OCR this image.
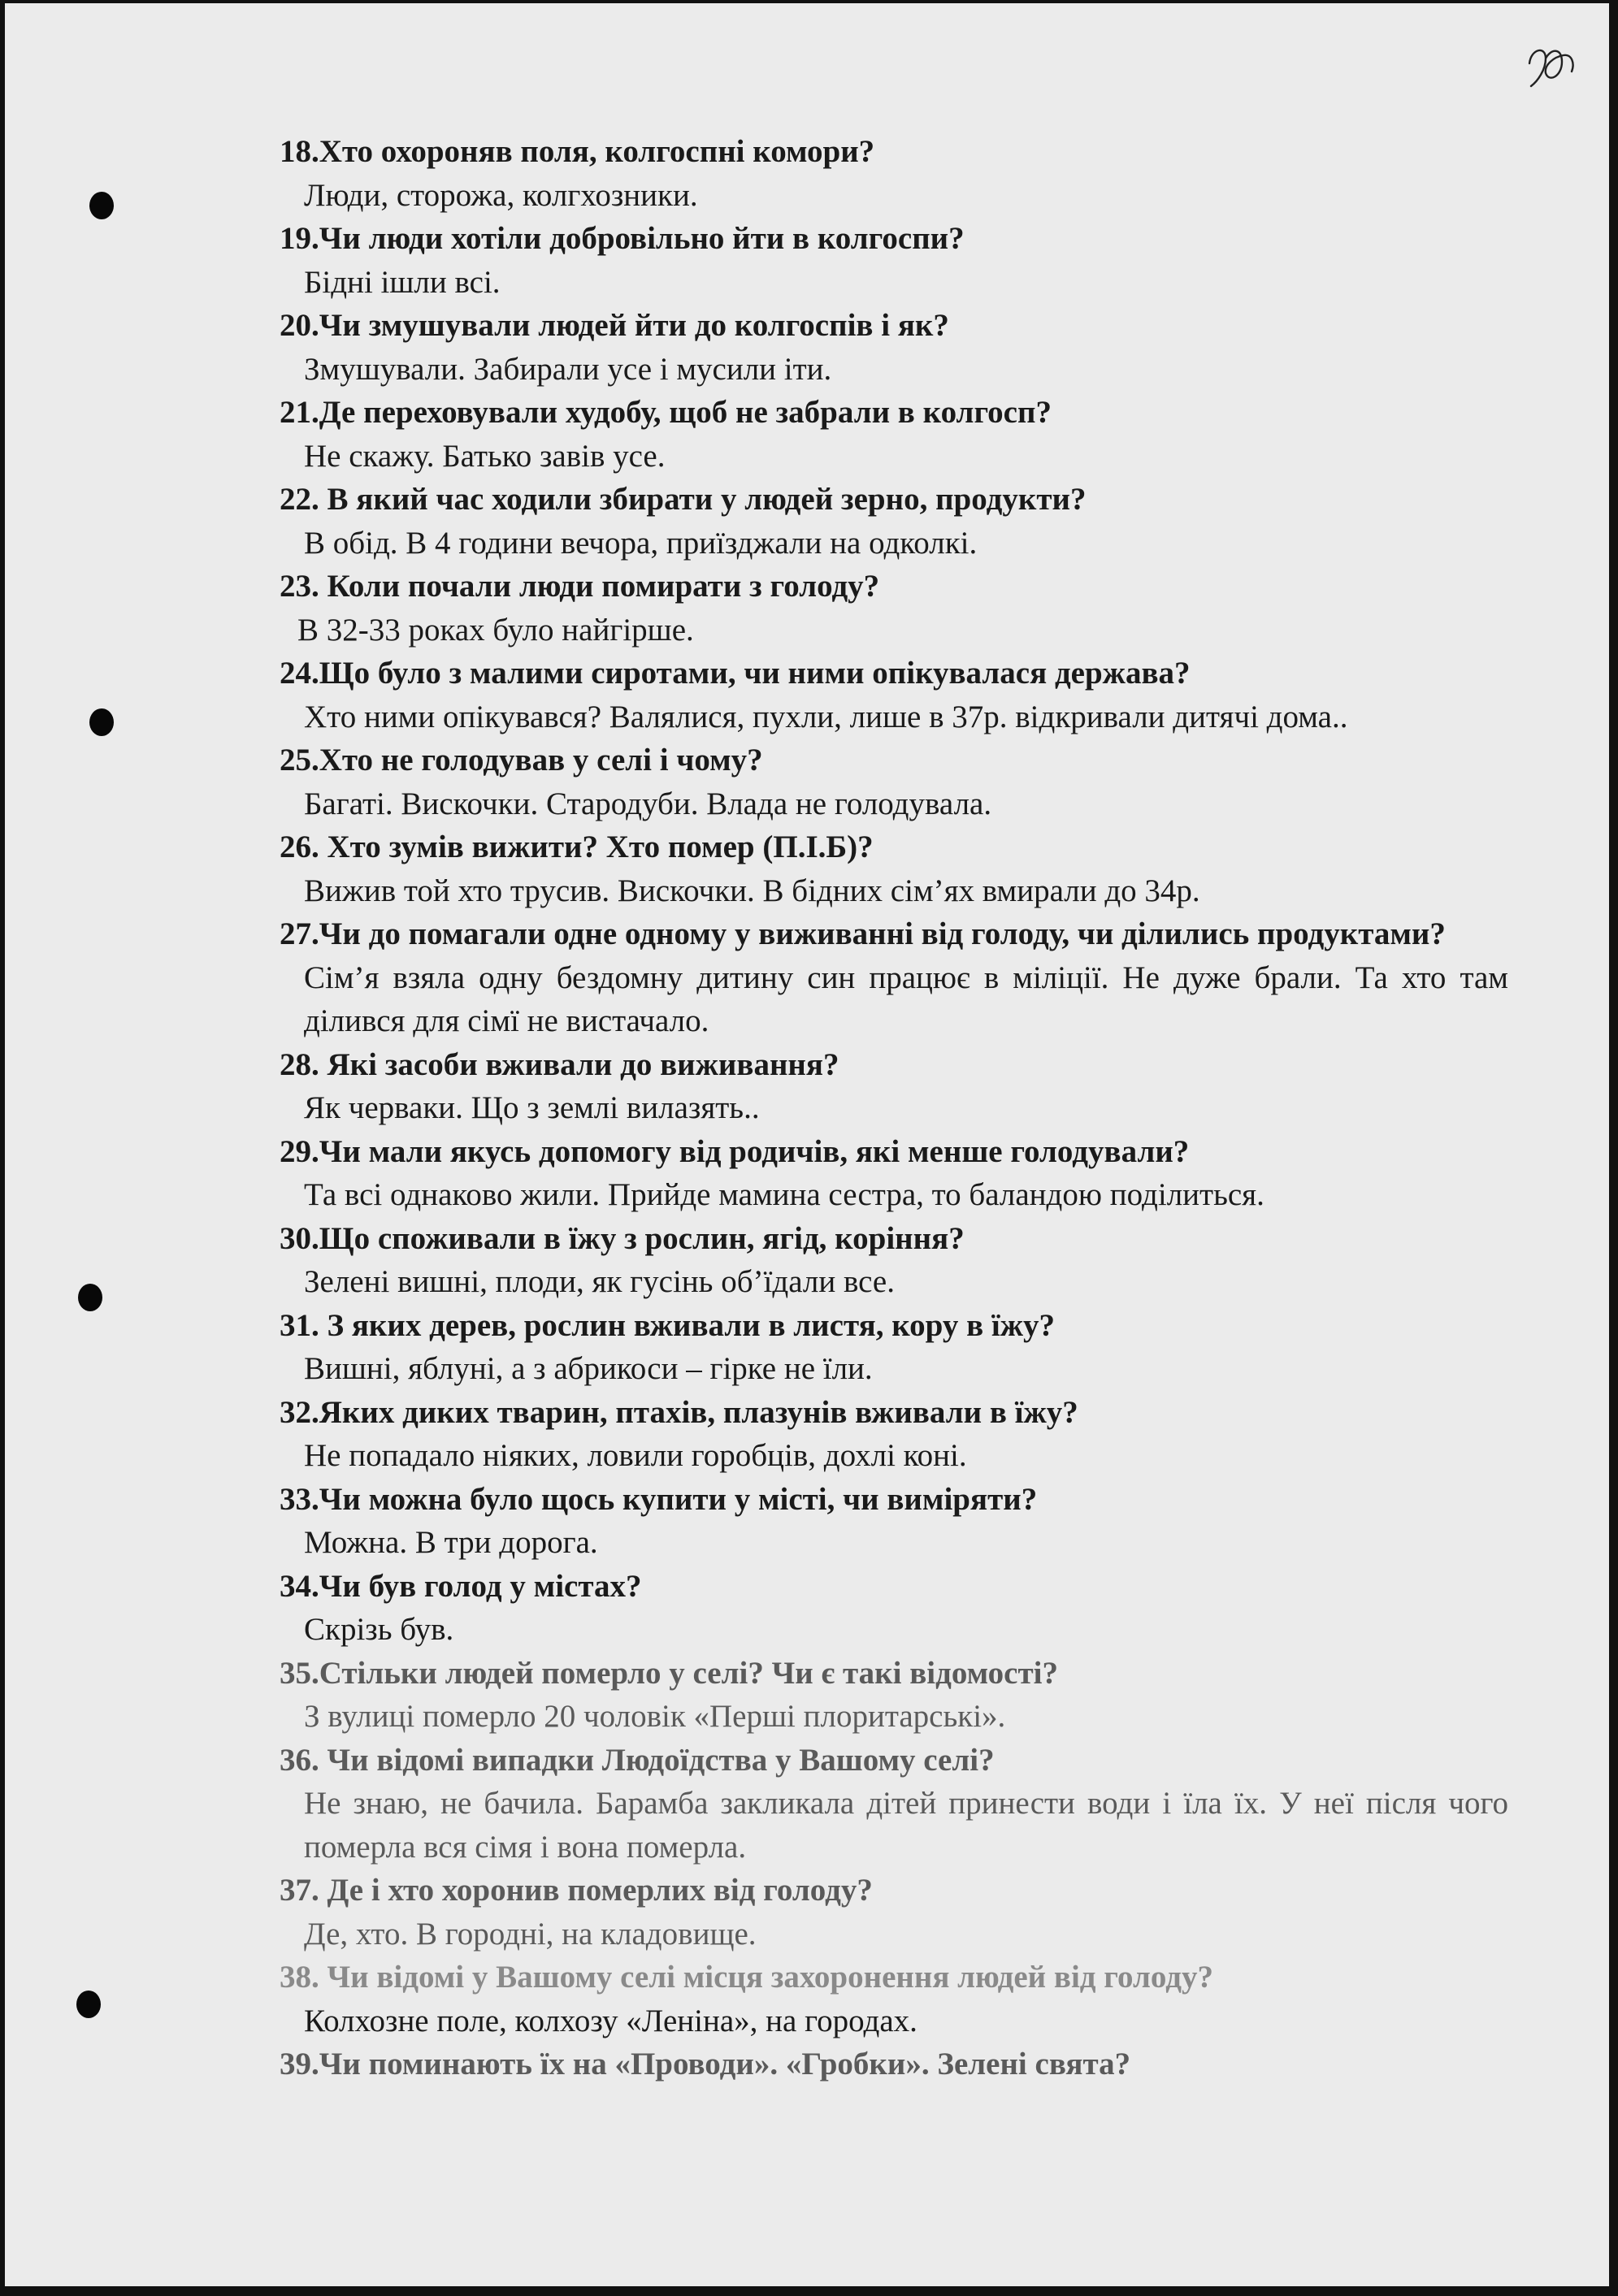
18.Хто охороняв поля, колгоспні комори?
Люди, сторожа, колгхозники.
19.Чи люди хотіли добровільно йти в колгоспи?
Бідні ішли всі.
20.Чи змушували людей йти до колгоспів і як?
Змушували. Забирали усе і мусили іти.
21.Де переховували худобу, щоб не забрали в колгосп?
Не скажу. Батько завів усе.
22. В який час ходили збирати у людей зерно, продукти?
В обід. В 4 години вечора, приїзджали на одколкі.
23. Коли почали люди помирати з голоду?
В 32-33 роках було найгірше.
24.Що було з малими сиротами, чи ними опікувалася держава?
Хто ними опікувався? Валялися, пухли, лише в 37р. відкривали дитячі дома..
25.Хто не голодував у селі і чому?
Багаті. Вискочки. Стародуби. Влада не голодувала.
26. Хто зумів вижити? Хто помер (П.І.Б)?
Вижив той хто трусив. Вискочки. В бідних сім’ях вмирали до 34р.
27.Чи до помагали одне одному у виживанні від голоду, чи ділились продуктами?
Сім’я взяла одну бездомну дитину син працює в міліції. Не дуже брали. Та хто там ділився для сімї не вистачало.
28. Які засоби вживали до виживання?
Як черваки. Що з землі вилазять..
29.Чи мали якусь допомогу від родичів, які менше голодували?
Та всі однаково жили. Прийде мамина сестра, то баландою поділиться.
30.Що споживали в їжу з рослин, ягід, коріння?
Зелені вишні, плоди, як гусінь об’їдали все.
31. З яких дерев, рослин вживали в листя, кору в їжу?
Вишні, яблуні, а з абрикоси – гірке не їли.
32.Яких диких тварин, птахів, плазунів вживали в їжу?
Не попадало ніяких, ловили горобців, дохлі коні.
33.Чи можна було щось купити у місті, чи виміряти?
Можна. В три дорога.
34.Чи був голод у містах?
Скрізь був.
35.Стільки людей померло у селі? Чи є такі відомості?
З вулиці померло 20 чоловік «Перші плоритарські».
36. Чи відомі випадки Людоїдства у Вашому селі?
Не знаю, не бачила. Барамба закликала дітей принести води і їла їх. У неї після чого померла вся сімя і вона померла.
37. Де і хто хоронив померлих від голоду?
Де, хто. В городні, на кладовище.
38. Чи відомі у Вашому селі місця захоронення людей від голоду?
Колхозне поле, колхозу «Леніна», на городах.
39.Чи поминають їх на «Проводи». «Гробки». Зелені свята?
